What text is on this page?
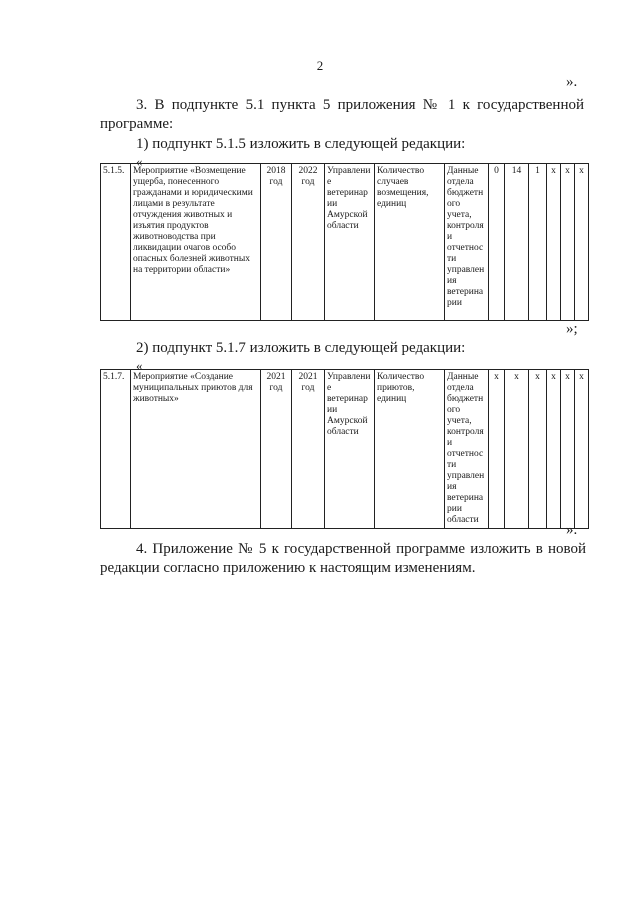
2
».
3. В подпункте 5.1 пункта 5 приложения № 1 к государственной программе:
1) подпункт 5.1.5 изложить в следующей редакции:
«
5.1.5.	Мероприятие «Возмещение ущерба, понесенного гражданами и юридическими лицами в результате отчуждения животных и изъятия продуктов животноводства при ликвидации очагов особо опасных болезней животных на территории области»	2018 год	2022 год	Управление ветеринарии Амурской области	Количество случаев возмещения, единиц	Данные отдела бюджетного учета, контроля и отчетности управления ветеринарии	0	14	1	х	х	х
»;
2) подпункт 5.1.7 изложить в следующей редакции:
«
5.1.7.	Мероприятие «Создание муниципальных приютов для животных»	2021 год	2021 год	Управление ветеринарии Амурской области	Количество приютов, единиц	Данные отдела бюджетного учета, контроля и отчетности управления ветеринарии области	х	х	х	х	х	х
».
4. Приложение № 5 к государственной программе изложить в новой редакции согласно приложению к настоящим изменениям.
